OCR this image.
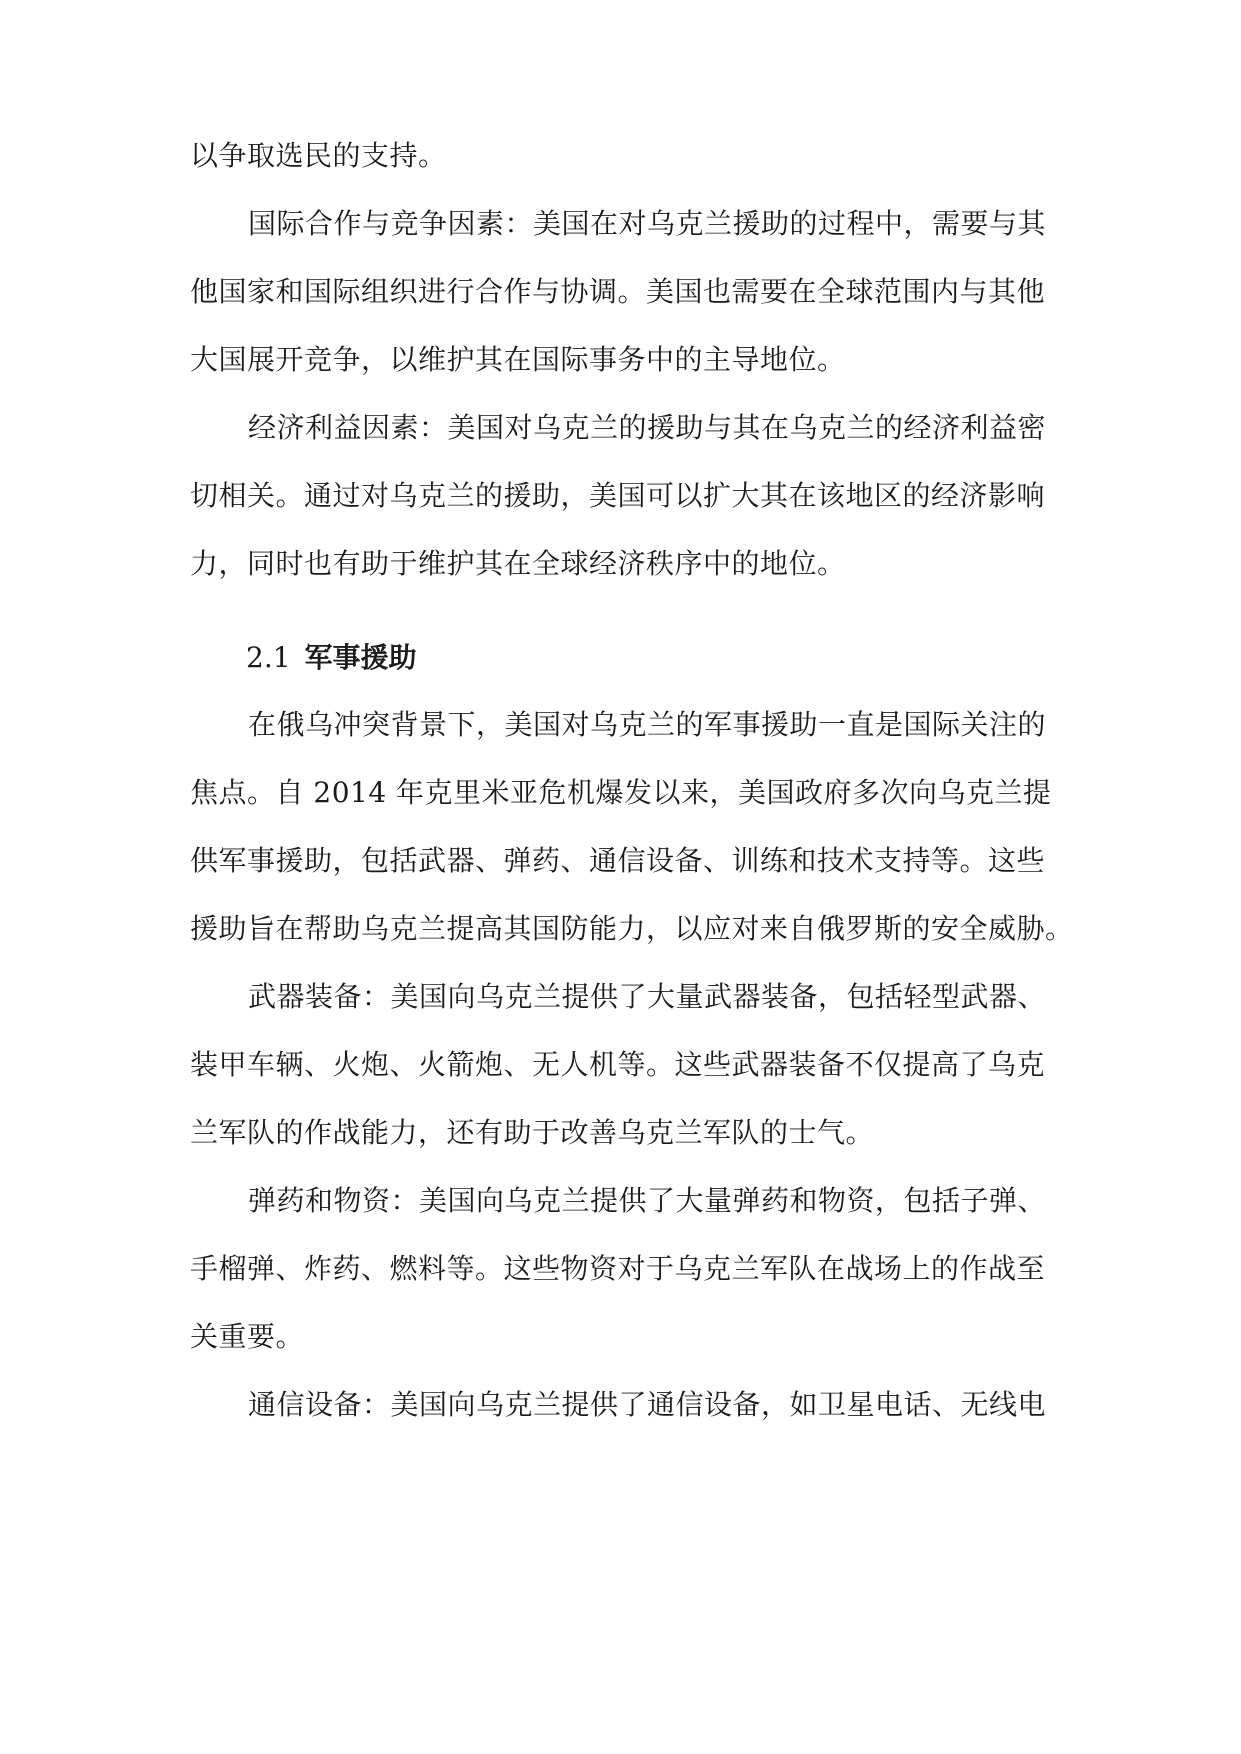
以争取选民的支持。
国际合作与竞争因素：美国在对乌克兰援助的过程中，需要与其
他国家和国际组织进行合作与协调。美国也需要在全球范围内与其他
大国展开竞争，以维护其在国际事务中的主导地位。
经济利益因素：美国对乌克兰的援助与其在乌克兰的经济利益密
切相关。通过对乌克兰的援助，美国可以扩大其在该地区的经济影响
力，同时也有助于维护其在全球经济秩序中的地位。
2.1 军事援助
在俄乌冲突背景下，美国对乌克兰的军事援助一直是国际关注的
焦点。自 2014 年克里米亚危机爆发以来，美国政府多次向乌克兰提
供军事援助，包括武器、弹药、通信设备、训练和技术支持等。这些
援助旨在帮助乌克兰提高其国防能力，以应对来自俄罗斯的安全威胁。
武器装备：美国向乌克兰提供了大量武器装备，包括轻型武器、
装甲车辆、火炮、火箭炮、无人机等。这些武器装备不仅提高了乌克
兰军队的作战能力，还有助于改善乌克兰军队的士气。
弹药和物资：美国向乌克兰提供了大量弹药和物资，包括子弹、
手榴弹、炸药、燃料等。这些物资对于乌克兰军队在战场上的作战至
关重要。
通信设备：美国向乌克兰提供了通信设备，如卫星电话、无线电
